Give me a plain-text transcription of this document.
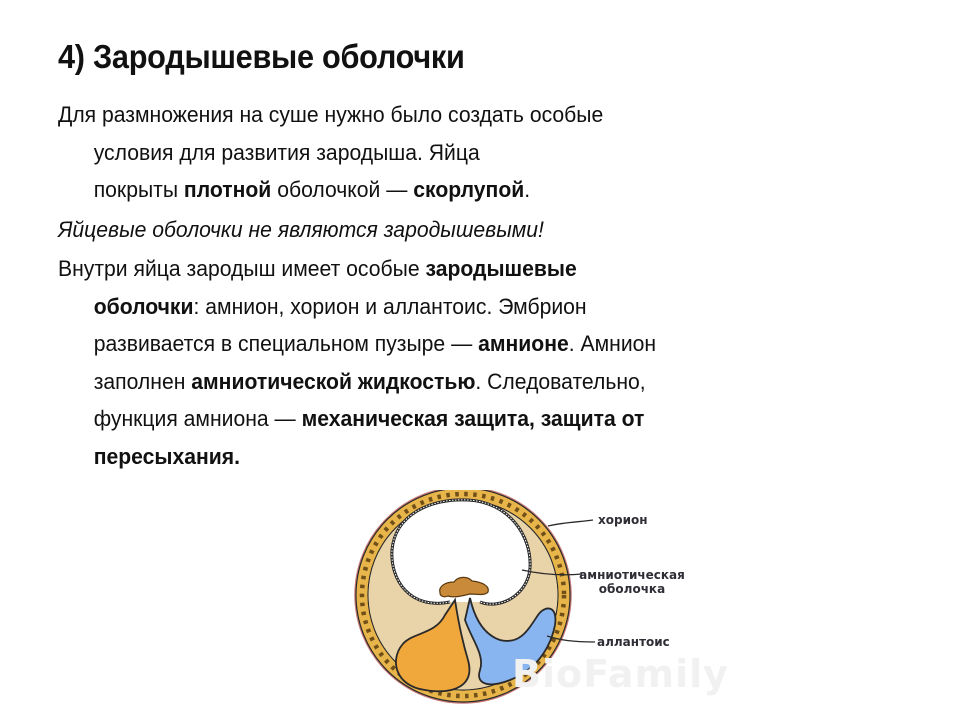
4) Зародышевые оболочки
Для размножения на суше нужно было создать особые
условия для развития зародыша. Яйца
покрыты плотной оболочкой — скорлупой.
Яйцевые оболочки не являются зародышевыми!
Внутри яйца зародыш имеет особые зародышевые
оболочки: амнион, хорион и аллантоис. Эмбрион
развивается в специальном пузыре — амнионе. Амнион
заполнен амниотической жидкостью. Следовательно,
функция амниона — механическая защита, защита от
пересыхания.
хорион
амниотическая
оболочка
аллантоис
BioFamily
